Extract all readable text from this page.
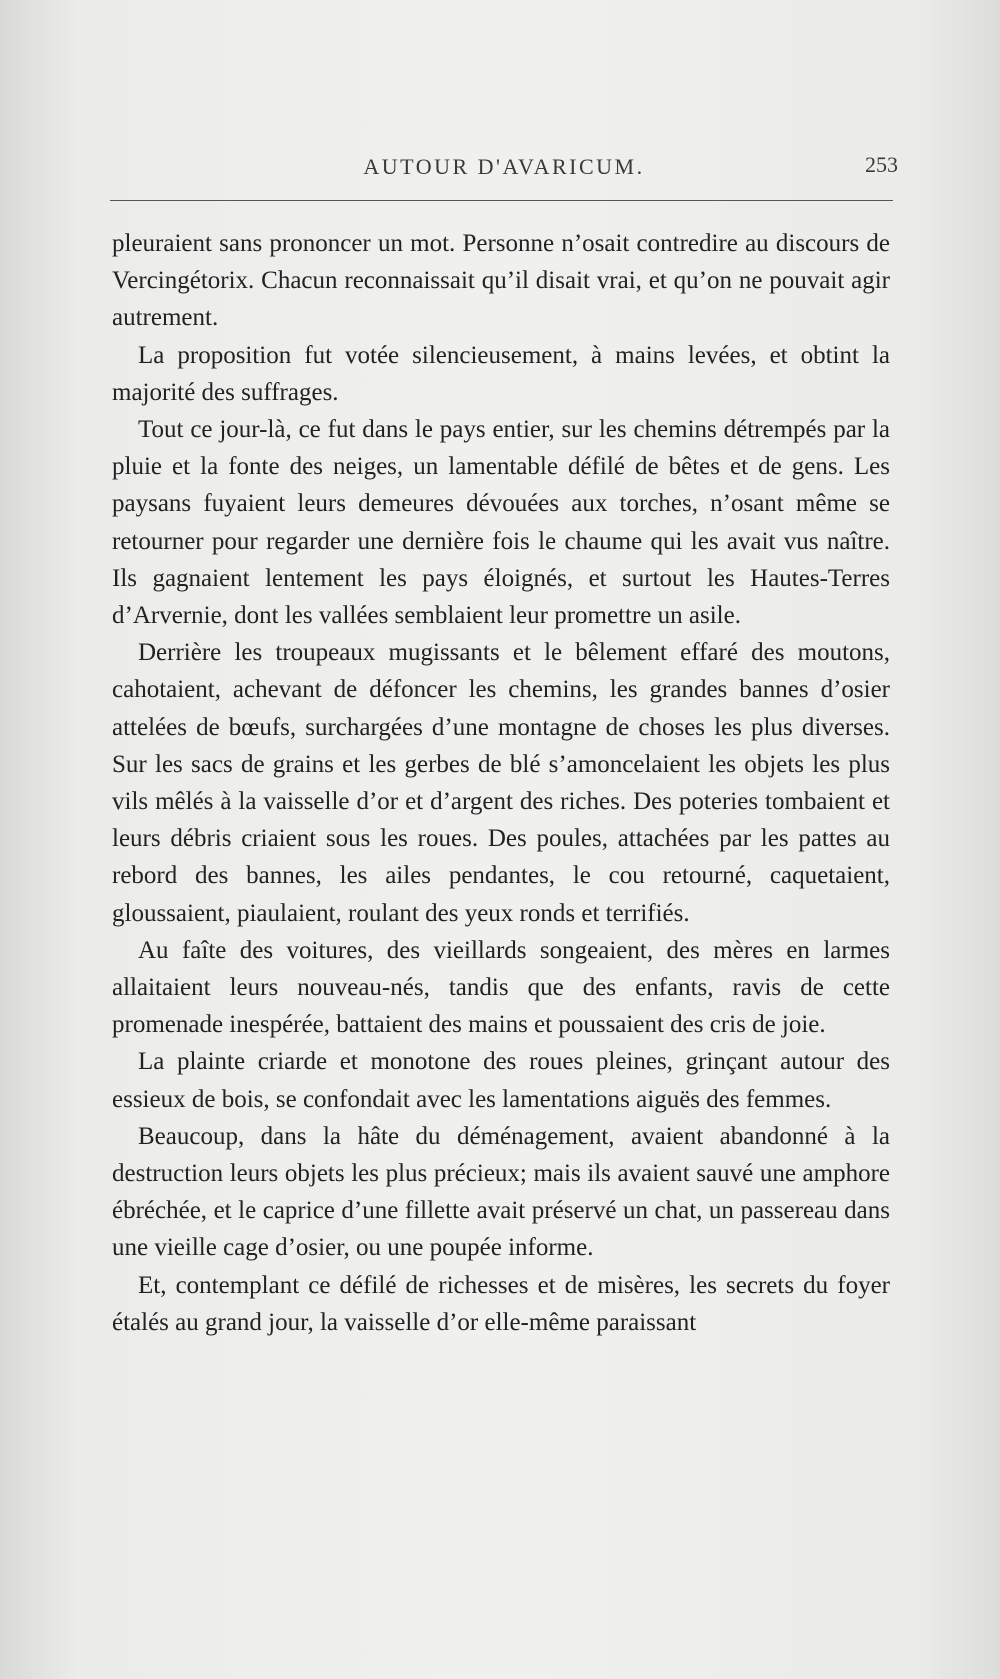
AUTOUR D'AVARICUM.	253

pleuraient sans prononcer un mot. Personne n’osait contredire au discours de Vercingétorix. Chacun reconnaissait qu’il disait vrai, et qu’on ne pouvait agir autrement.

La proposition fut votée silencieusement, à mains levées, et obtint la majorité des suffrages.

Tout ce jour-là, ce fut dans le pays entier, sur les chemins détrempés par la pluie et la fonte des neiges, un lamentable défilé de bêtes et de gens. Les paysans fuyaient leurs demeures dévouées aux torches, n’osant même se retourner pour regarder une dernière fois le chaume qui les avait vus naître. Ils gagnaient lentement les pays éloignés, et surtout les Hautes-Terres d’Arvernie, dont les vallées semblaient leur promettre un asile.

Derrière les troupeaux mugissants et le bêlement effaré des moutons, cahotaient, achevant de défoncer les chemins, les grandes bannes d’osier attelées de bœufs, surchargées d’une montagne de choses les plus diverses. Sur les sacs de grains et les gerbes de blé s’amoncelaient les objets les plus vils mêlés à la vaisselle d’or et d’argent des riches. Des poteries tombaient et leurs débris criaient sous les roues. Des poules, attachées par les pattes au rebord des bannes, les ailes pendantes, le cou retourné, caquetaient, gloussaient, piaulaient, roulant des yeux ronds et terrifiés.

Au faîte des voitures, des vieillards songeaient, des mères en larmes allaitaient leurs nouveau-nés, tandis que des enfants, ravis de cette promenade inespérée, battaient des mains et poussaient des cris de joie.

La plainte criarde et monotone des roues pleines, grinçant autour des essieux de bois, se confondait avec les lamentations aiguës des femmes.

Beaucoup, dans la hâte du déménagement, avaient abandonné à la destruction leurs objets les plus précieux; mais ils avaient sauvé une amphore ébréchée, et le caprice d’une fillette avait préservé un chat, un passereau dans une vieille cage d’osier, ou une poupée informe.

Et, contemplant ce défilé de richesses et de misères, les secrets du foyer étalés au grand jour, la vaisselle d’or elle-même paraissant
